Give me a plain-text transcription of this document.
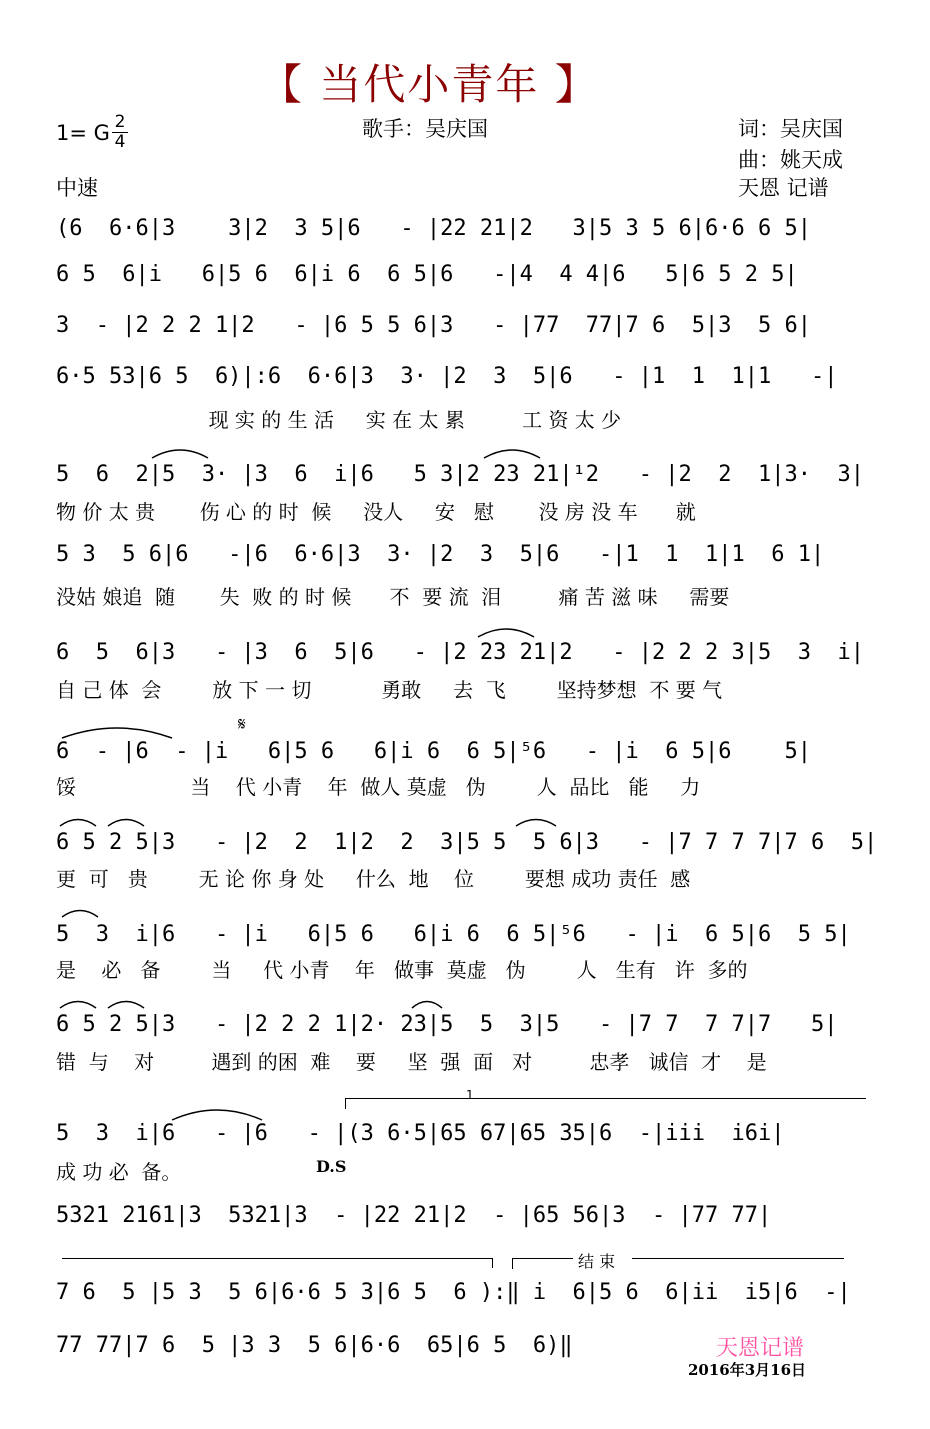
【 当代小青年 】
歌手：吴庆国
1= G 2
4
中速
词：吴庆国
曲：姚天成
天恩 记谱
(6  6·6|3    3|2  3 5|6   - |22 21|2   3|5 3 5 6|6·6 6 5|
6 5  6|i   6|5 6  6|i 6  6 5|6   -|4  4 4|6   5|6 5 2 5|
3  - |2 2 2 1|2   - |6 5 5 6|3   - |77  77|7 6  5|3  5 6|
6·5 53|6 5  6)|:6  6·6|3  3· |2  3  5|6   - |1  1  1|1   -|
现 实 的 生 活     实 在 太 累         工 资 太 少
5  6  2|5  3· |3  6  i|6   5 3|2 23 21|¹2   - |2  2  1|3·  3|
物 价 太 贵       伤 心 的 时  候     没人     安   慰       没 房 没 车      就
5 3  5 6|6   -|6  6·6|3  3· |2  3  5|6   -|1  1  1|1  6 1|
没姑 娘追  随       失  败 的 时 候      不  要 流  泪         痛 苦 滋 味     需要
6  5  6|3   - |3  6  5|6   - |2 23 21|2   - |2 2 2 3|5  3  i|
自 己 体  会        放 下 一 切           勇敢     去  飞        坚持梦想  不 要 气
𝄋
6  - |6  - |i   6|5 6   6|i 6  6 5|⁵6   - |i  6 5|6    5|
馁                  当    代 小青    年  做人 莫虚   伪        人  品比   能     力
6 5 2 5|3   - |2  2  1|2  2  3|5 5  5 6|3   - |7 7 7 7|7 6  5|
更  可   贵        无 论 你 身 处     什么  地    位        要想 成功 责任  感
5  3  i|6   - |i   6|5 6   6|i 6  6 5|⁵6   - |i  6 5|6  5 5|
是    必   备        当     代 小青    年   做事  莫虚   伪        人   生有   许  多的
6 5 2 5|3   - |2 2 2 1|2· 23|5  5  3|5   - |7 7  7 7|7   5|
错  与    对         遇到 的困  难    要     坚  强  面   对         忠孝   诚信  才    是
1
5  3  i|6   - |6   - |(3 6·5|65 67|65 35|6  -|iii  i6i|
成 功 必  备。	D.S
5321 2161|3  5321|3  - |22 21|2  - |65 56|3  - |77 77|
结 束
7 6  5 |5 3  5 6|6·6 5 3|6 5  6 ):‖ i  6|5 6  6|ii  i5|6  -|
77 77|7 6  5 |3 3  5 6|6·6  65|6 5  6)‖	天恩记谱
2016年3月16日
